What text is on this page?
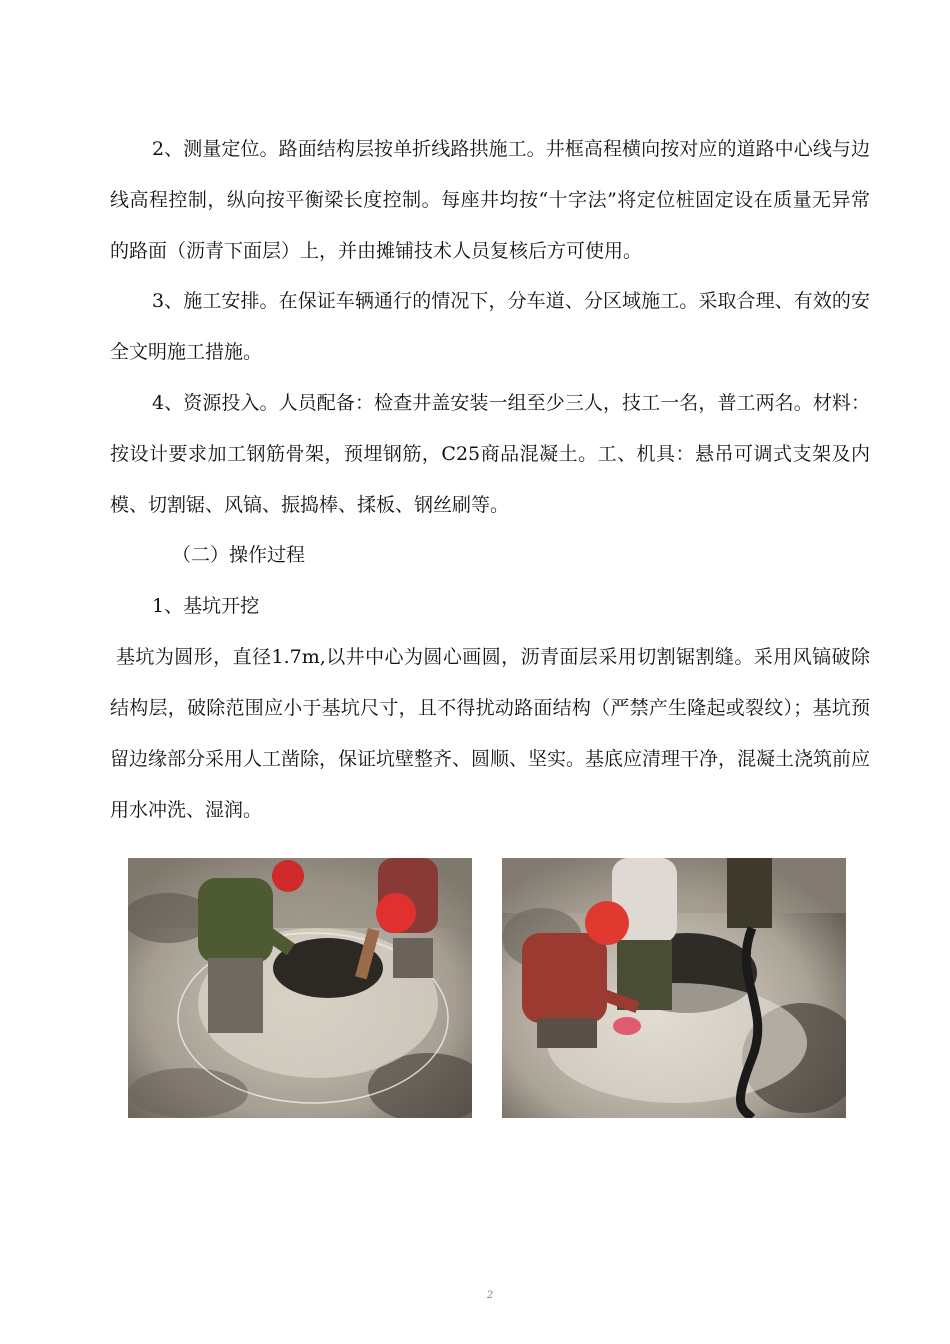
2、测量定位。路面结构层按单折线路拱施工。井框高程横向按对应的道路中心线与边线高程控制，纵向按平衡梁长度控制。每座井均按“十字法”将定位桩固定设在质量无异常的路面（沥青下面层）上，并由摊铺技术人员复核后方可使用。

3、施工安排。在保证车辆通行的情况下，分车道、分区域施工。采取合理、有效的安全文明施工措施。

4、资源投入。人员配备：检查井盖安装一组至少三人，技工一名，普工两名。材料：按设计要求加工钢筋骨架，预埋钢筋，C25商品混凝土。工、机具：悬吊可调式支架及内模、切割锯、风镐、振捣棒、揉板、钢丝刷等。

（二）操作过程

1、基坑开挖

基坑为圆形，直径1.7m,以井中心为圆心画圆，沥青面层采用切割锯割缝。采用风镐破除结构层，破除范围应小于基坑尺寸，且不得扰动路面结构（严禁产生隆起或裂纹）；基坑预留边缘部分采用人工凿除，保证坑壁整齐、圆顺、坚实。基底应清理干净，混凝土浇筑前应用水冲洗、湿润。

2
